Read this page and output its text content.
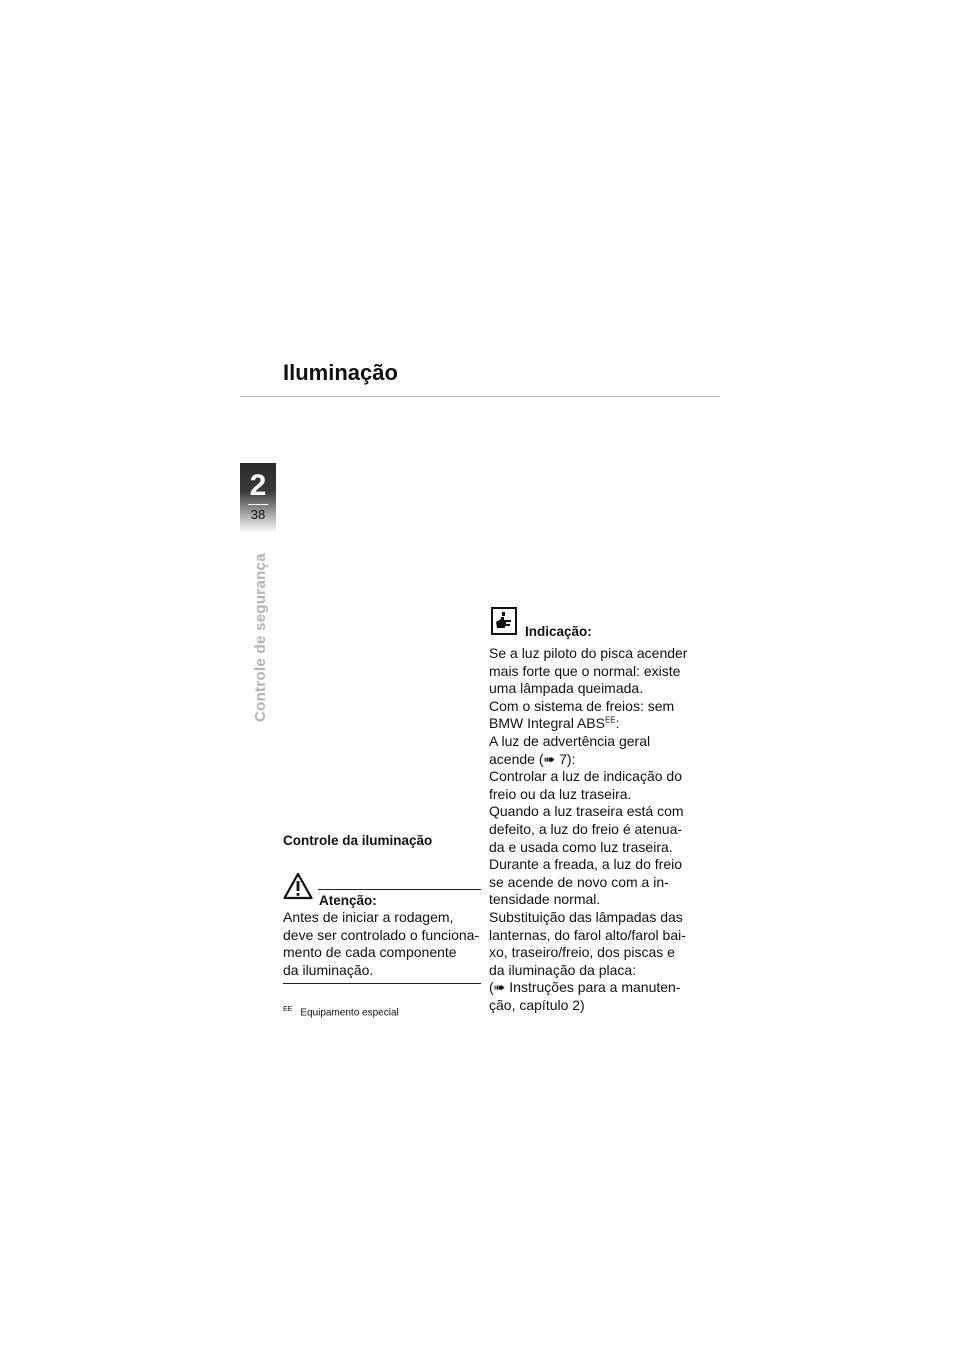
Iluminação
2
38
Controle de segurança
Controle da iluminação
Atenção:
Antes de iniciar a rodagem,
deve ser controlado o funciona-
mento de cada componente
da iluminação.
$^{EE}$ Equipamento especial
Indicação:
Se a luz piloto do pisca acender
mais forte que o normal: existe
uma lâmpada queimada.
Com o sistema de freios: sem
BMW Integral $ABS^{EE}$:
A luz de advertência geral
acende (➠ 7):
Controlar a luz de indicação do
freio ou da luz traseira.
Quando a luz traseira está com
defeito, a luz do freio é atenua-
da e usada como luz traseira.
Durante a freada, a luz do freio
se acende de novo com a in-
tensidade normal.
Substituição das lâmpadas das
lanternas, do farol alto/farol bai-
xo, traseiro/freio, dos piscas e
da iluminação da placa:
(➠ Instruções para a manuten-
ção, capítulo 2)
